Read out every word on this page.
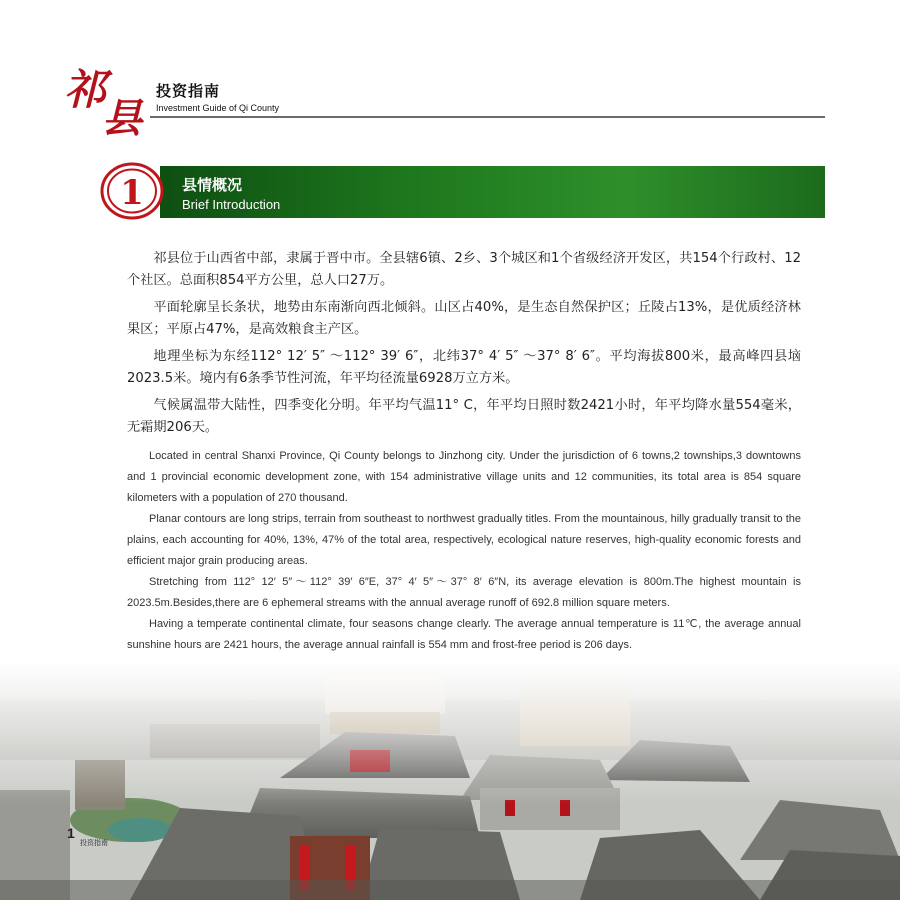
祁
县
投资指南
Investment Guide of Qi County
1	县情概况
Brief Introduction

祁县位于山西省中部，隶属于晋中市。全县辖6镇、2乡、3个城区和1个省级经济开发区，共154个行政村、12个社区。总面积854平方公里，总人口27万。

平面轮廓呈长条状，地势由东南渐向西北倾斜。山区占40%，是生态自然保护区；丘陵占13%，是优质经济林果区；平原占47%，是高效粮食主产区。

地理坐标为东经112° 12′ 5″ ～112° 39′ 6″，北纬37° 4′ 5″ ～37° 8′ 6″。平均海拔800米，最高峰四县垴2023.5米。境内有6条季节性河流，年平均径流量6928万立方米。

气候属温带大陆性，四季变化分明。年平均气温11° C，年平均日照时数2421小时，年平均降水量554毫米，无霜期206天。

Located in central Shanxi Province, Qi County belongs to Jinzhong city. Under the jurisdiction of 6 towns,2 townships,3 downtowns and 1 provincial economic development zone, with 154 administrative village units and 12 communities, its total area is 854 square kilometers with a population of 270 thousand.

Planar contours are long strips, terrain from southeast to northwest gradually titles. From the mountainous, hilly gradually transit to the plains, each accounting for 40%, 13%, 47% of the total area, respectively, ecological nature reserves, high-quality economic forests and efficient major grain producing areas.

Stretching from 112° 12′ 5″～112° 39′ 6″E, 37° 4′ 5″～37° 8′ 6″N, its average elevation is 800m.The highest mountain is 2023.5m.Besides,there are 6 ephemeral streams with the annual average runoff of 692.8 million square meters.

Having a temperate continental climate, four seasons change clearly. The average annual temperature is 11℃, the average annual sunshine hours are 2421 hours, the average annual rainfall is 554 mm and frost-free period is 206 days.

1
投资指南
